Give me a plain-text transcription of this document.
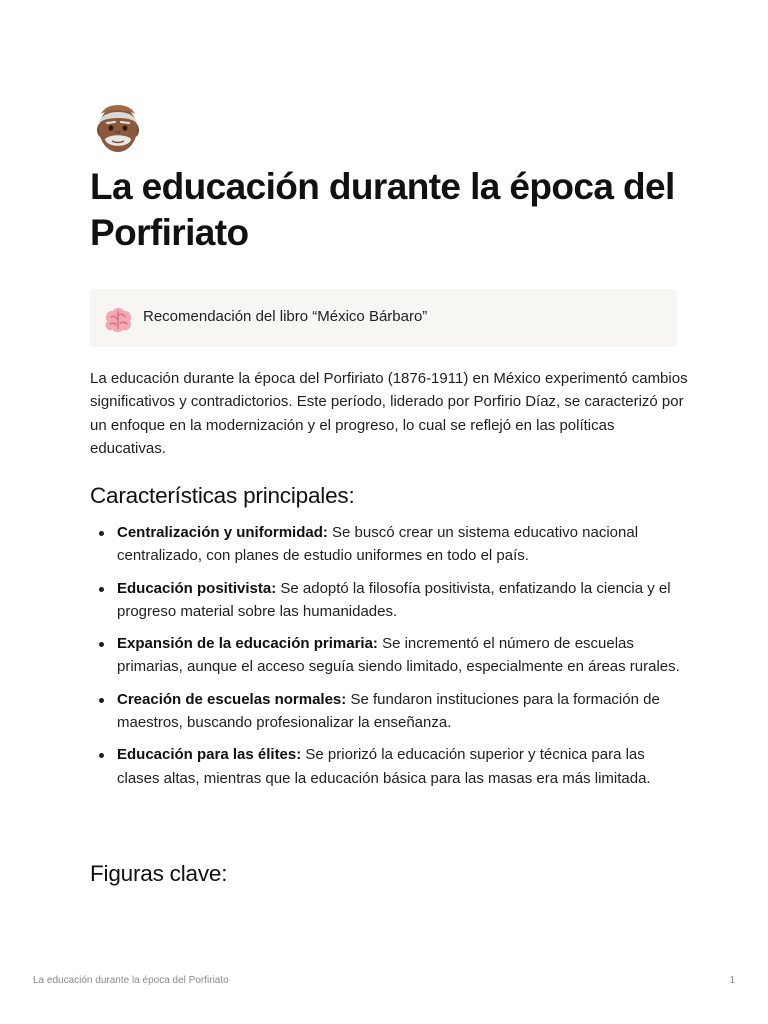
La educación durante la época del Porfiriato
Recomendación del libro “México Bárbaro”

La educación durante la época del Porfiriato (1876-1911) en México experimentó cambios significativos y contradictorios. Este período, liderado por Porfirio Díaz, se caracterizó por un enfoque en la modernización y el progreso, lo cual se reflejó en las políticas educativas.

Características principales:
Centralización y uniformidad: Se buscó crear un sistema educativo nacional centralizado, con planes de estudio uniformes en todo el país.
Educación positivista: Se adoptó la filosofía positivista, enfatizando la ciencia y el progreso material sobre las humanidades.
Expansión de la educación primaria: Se incrementó el número de escuelas primarias, aunque el acceso seguía siendo limitado, especialmente en áreas rurales.
Creación de escuelas normales: Se fundaron instituciones para la formación de maestros, buscando profesionalizar la enseñanza.
Educación para las élites: Se priorizó la educación superior y técnica para las clases altas, mientras que la educación básica para las masas era más limitada.
Figuras clave:
La educación durante la época del Porfiriato	1
